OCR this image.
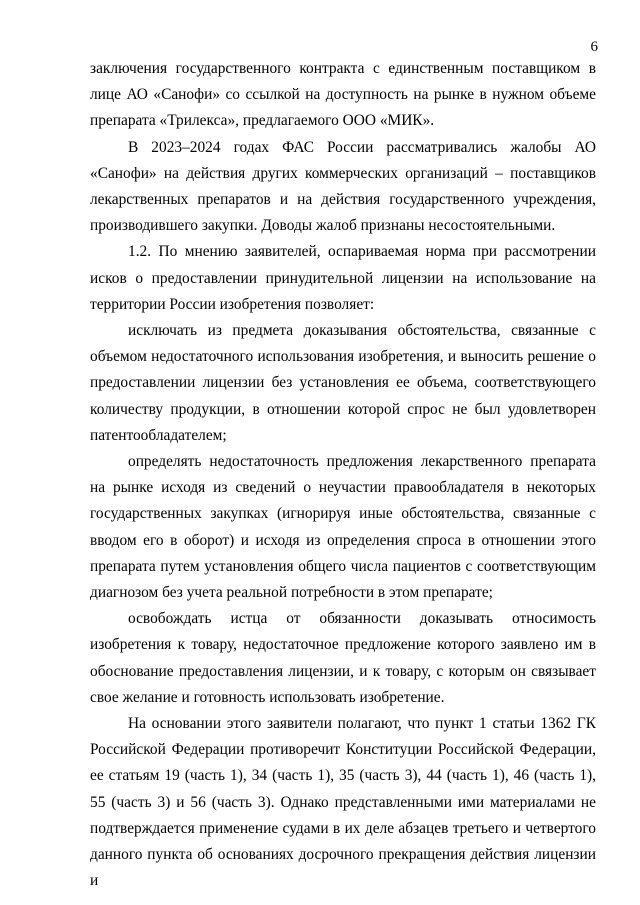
6

заключения государственного контракта с единственным поставщиком в лице АО «Санофи» со ссылкой на доступность на рынке в нужном объеме препарата «Трилекса», предлагаемого ООО «МИК».

В 2023–2024 годах ФАС России рассматривались жалобы АО «Санофи» на действия других коммерческих организаций – поставщиков лекарственных препаратов и на действия государственного учреждения, производившего закупки. Доводы жалоб признаны несостоятельными.

1.2. По мнению заявителей, оспариваемая норма при рассмотрении исков о предоставлении принудительной лицензии на использование на территории России изобретения позволяет:

исключать из предмета доказывания обстоятельства, связанные с объемом недостаточного использования изобретения, и выносить решение о предоставлении лицензии без установления ее объема, соответствующего количеству продукции, в отношении которой спрос не был удовлетворен патентообладателем;

определять недостаточность предложения лекарственного препарата на рынке исходя из сведений о неучастии правообладателя в некоторых государственных закупках (игнорируя иные обстоятельства, связанные с вводом его в оборот) и исходя из определения спроса в отношении этого препарата путем установления общего числа пациентов с соответствующим диагнозом без учета реальной потребности в этом препарате;

освобождать истца от обязанности доказывать относимость изобретения к товару, недостаточное предложение которого заявлено им в обоснование предоставления лицензии, и к товару, с которым он связывает свое желание и готовность использовать изобретение.

На основании этого заявители полагают, что пункт 1 статьи 1362 ГК Российской Федерации противоречит Конституции Российской Федерации, ее статьям 19 (часть 1), 34 (часть 1), 35 (часть 3), 44 (часть 1), 46 (часть 1), 55 (часть 3) и 56 (часть 3). Однако представленными ими материалами не подтверждается применение судами в их деле абзацев третьего и четвертого данного пункта об основаниях досрочного прекращения действия лицензии и
